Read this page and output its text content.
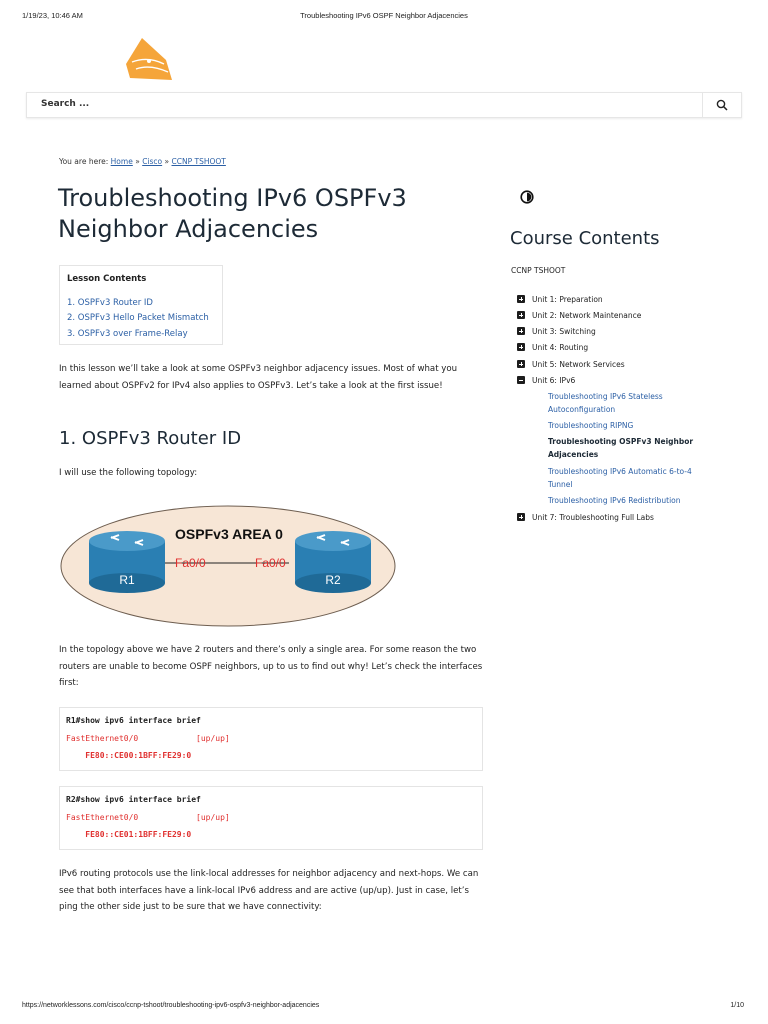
1/19/23, 10:46 AM	Troubleshooting IPv6 OSPF Neighbor Adjacencies
Search ...
You are here: Home » Cisco » CCNP TSHOOT
Troubleshooting IPv6 OSPFv3 Neighbor Adjacencies
Lesson Contents
1. OSPFv3 Router ID
2. OSPFv3 Hello Packet Mismatch
3. OSPFv3 over Frame-Relay

In this lesson we’ll take a look at some OSPFv3 neighbor adjacency issues. Most of what you learned about OSPFv2 for IPv4 also applies to OSPFv3. Let’s take a look at the first issue!

1. OSPFv3 Router ID

I will use the following topology:

OSPFv3 AREA 0
R1	R2
Fa0/0	Fa0/0

In the topology above we have 2 routers and there’s only a single area. For some reason the two routers are unable to become OSPF neighbors, up to us to find out why! Let’s check the interfaces first:

R1#show ipv6 interface brief
FastEthernet0/0            [up/up]
FE80::CE00:1BFF:FE29:0
R2#show ipv6 interface brief
FastEthernet0/0            [up/up]
FE80::CE01:1BFF:FE29:0

IPv6 routing protocols use the link-local addresses for neighbor adjacency and next-hops. We can see that both interfaces have a link-local IPv6 address and are active (up/up). Just in case, let’s ping the other side just to be sure that we have connectivity:

Course Contents
CCNP TSHOOT
Unit 1: Preparation
Unit 2: Network Maintenance
Unit 3: Switching
Unit 4: Routing
Unit 5: Network Services
Unit 6: IPv6
Troubleshooting IPv6 Stateless Autoconfiguration
Troubleshooting RIPNG
Troubleshooting OSPFv3 Neighbor Adjacencies
Troubleshooting IPv6 Automatic 6-to-4 Tunnel
Troubleshooting IPv6 Redistribution
Unit 7: Troubleshooting Full Labs
https://networklessons.com/cisco/ccnp-tshoot/troubleshooting-ipv6-ospfv3-neighbor-adjacencies	1/10
